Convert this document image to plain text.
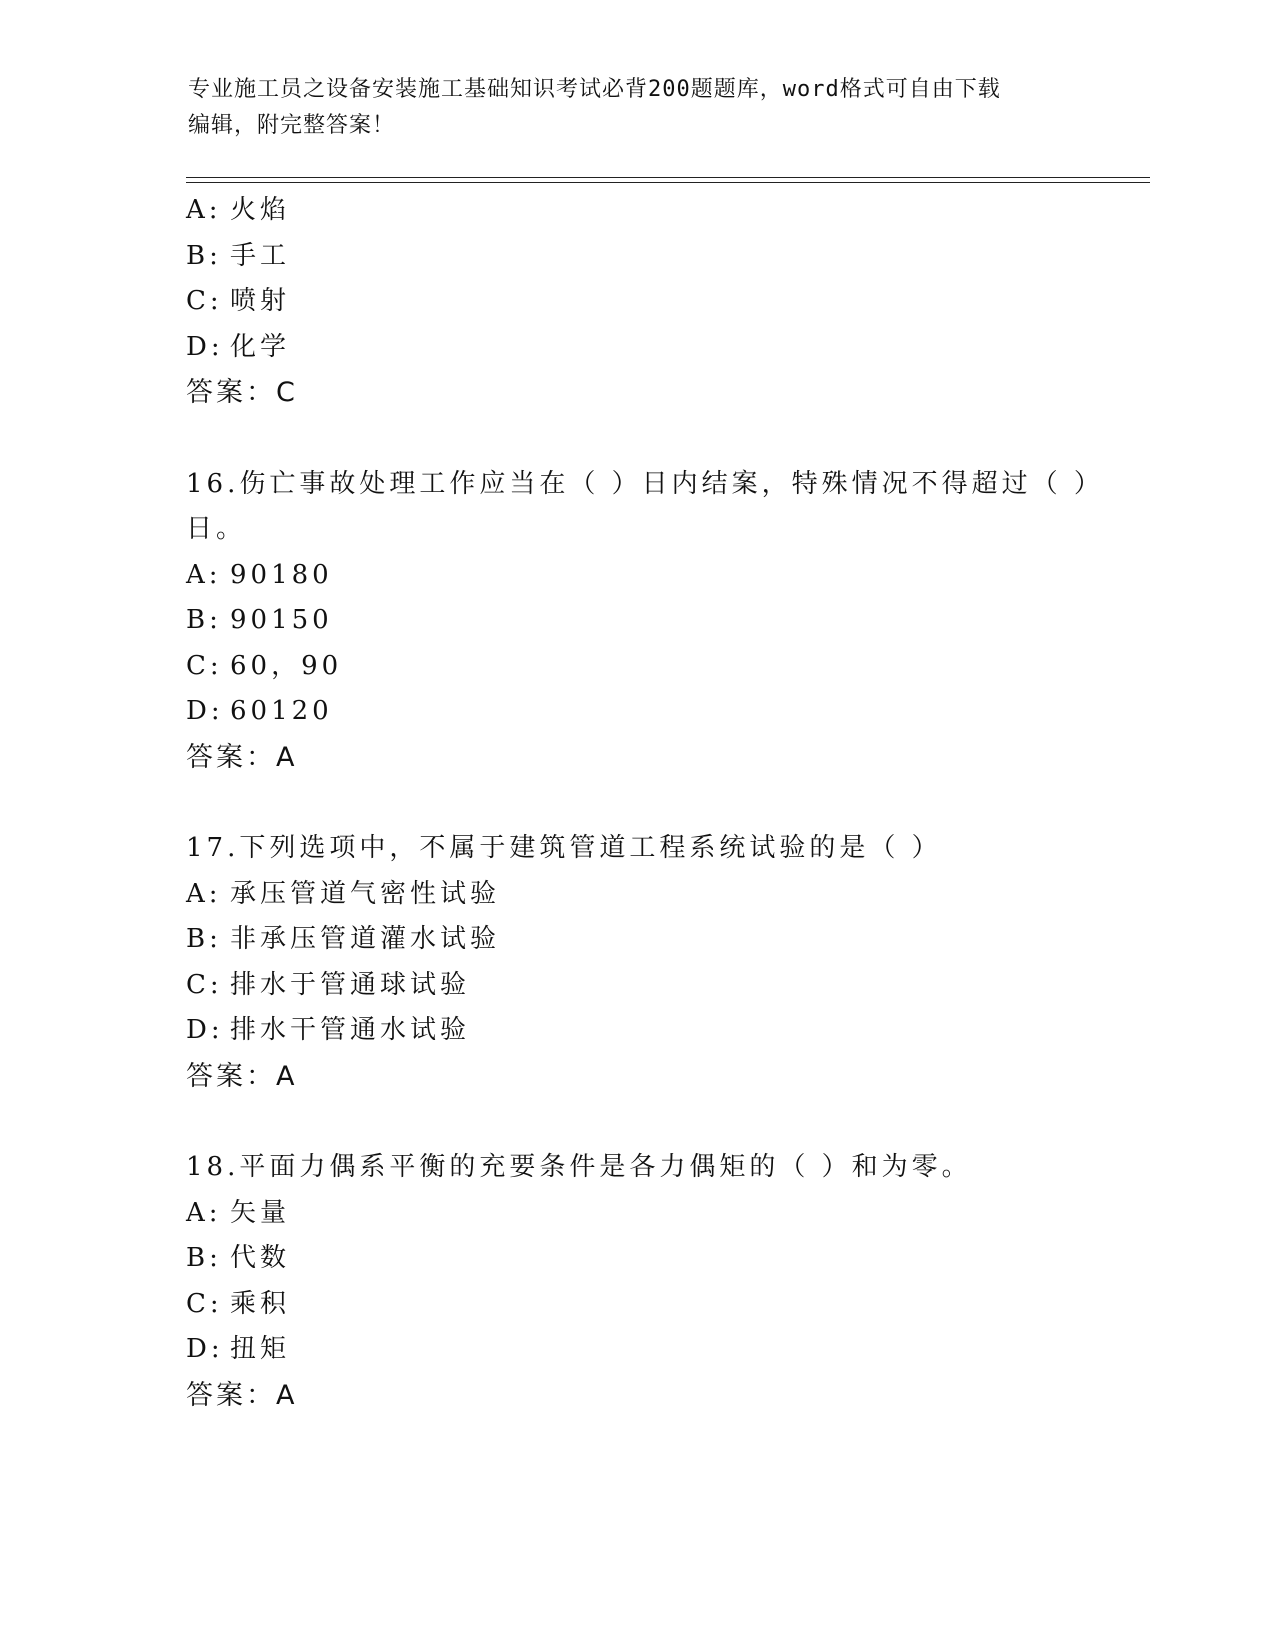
专业施工员之设备安装施工基础知识考试必背200题题库，word格式可自由下载
编辑，附完整答案！
A: 火焰
B: 手工
C: 喷射
D: 化学
答案：C
16.伤亡事故处理工作应当在（ ）日内结案，特殊情况不得超过（ ）
日。
A: 90180
B: 90150
C: 60，90
D: 60120
答案：A
17.下列选项中，不属于建筑管道工程系统试验的是（ ）
A: 承压管道气密性试验
B: 非承压管道灌水试验
C: 排水于管通球试验
D: 排水干管通水试验
答案：A
18.平面力偶系平衡的充要条件是各力偶矩的（ ）和为零。
A: 矢量
B: 代数
C: 乘积
D: 扭矩
答案：A
